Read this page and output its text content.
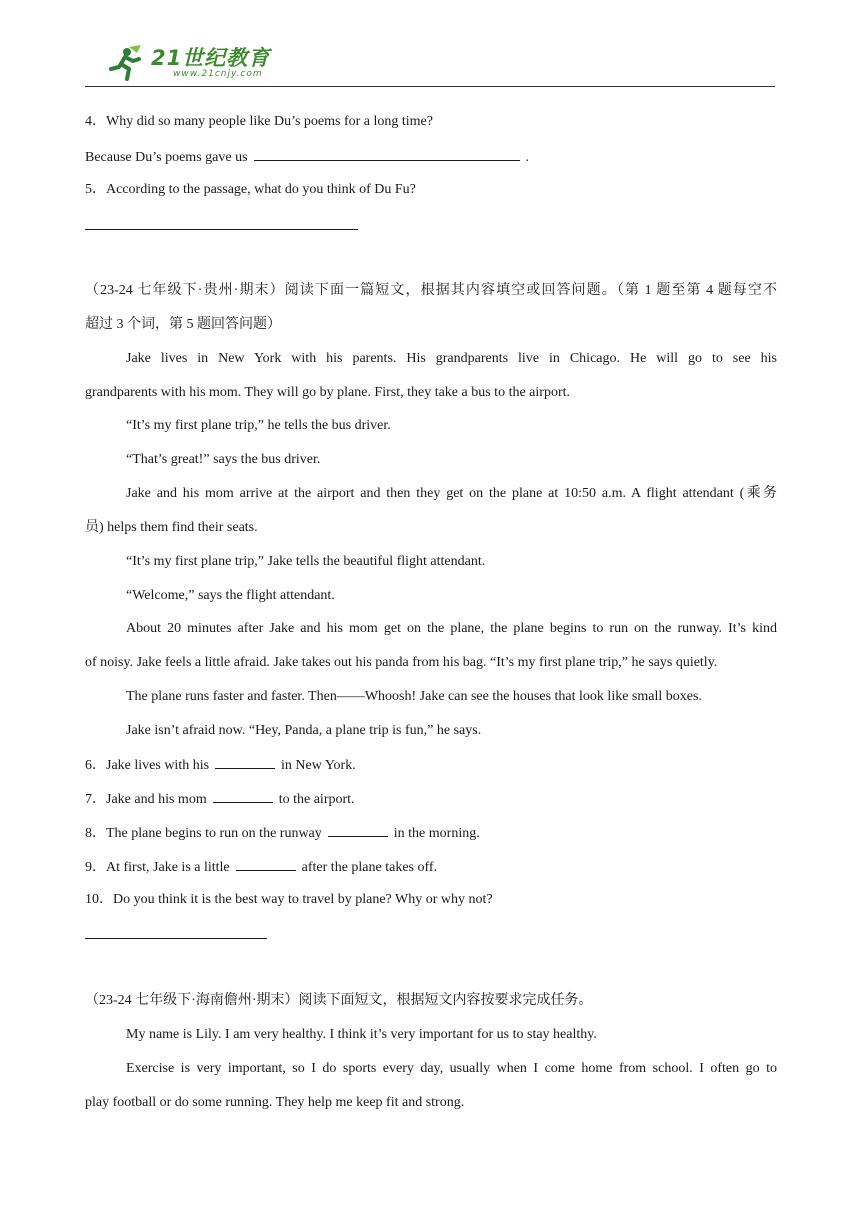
21世纪教育
www.21cnjy.com
4．Why did so many people like Du’s poems for a long time?
Because Du’s poems gave us	.
5．According to the passage, what do you think of Du Fu?
（23-24 七年级下·贵州·期末）阅读下面一篇短文，根据其内容填空或回答问题。（第 1 题至第 4 题每空不
超过 3 个词，第 5 题回答问题）
Jake lives in New York with his parents. His grandparents live in Chicago. He will go to see his
grandparents with his mom. They will go by plane. First, they take a bus to the airport.
“It’s my first plane trip,” he tells the bus driver.
“That’s great!” says the bus driver.
Jake and his mom arrive at the airport and then they get on the plane at 10:50 a.m. A flight attendant (乘务
员) helps them find their seats.
“It’s my first plane trip,” Jake tells the beautiful flight attendant.
“Welcome,” says the flight attendant.
About 20 minutes after Jake and his mom get on the plane, the plane begins to run on the runway. It’s kind
of noisy. Jake feels a little afraid. Jake takes out his panda from his bag. “It’s my first plane trip,” he says quietly.
The plane runs faster and faster. Then——Whoosh! Jake can see the houses that look like small boxes.
Jake isn’t afraid now. “Hey, Panda, a plane trip is fun,” he says.
6．Jake lives with his	in New York.
7．Jake and his mom	to the airport.
8．The plane begins to run on the runway	in the morning.
9．At first, Jake is a little	after the plane takes off.
10．Do you think it is the best way to travel by plane? Why or why not?
（23-24 七年级下·海南儋州·期末）阅读下面短文，根据短文内容按要求完成任务。
My name is Lily. I am very healthy. I think it’s very important for us to stay healthy.
Exercise is very important, so I do sports every day, usually when I come home from school. I often go to
play football or do some running. They help me keep fit and strong.
